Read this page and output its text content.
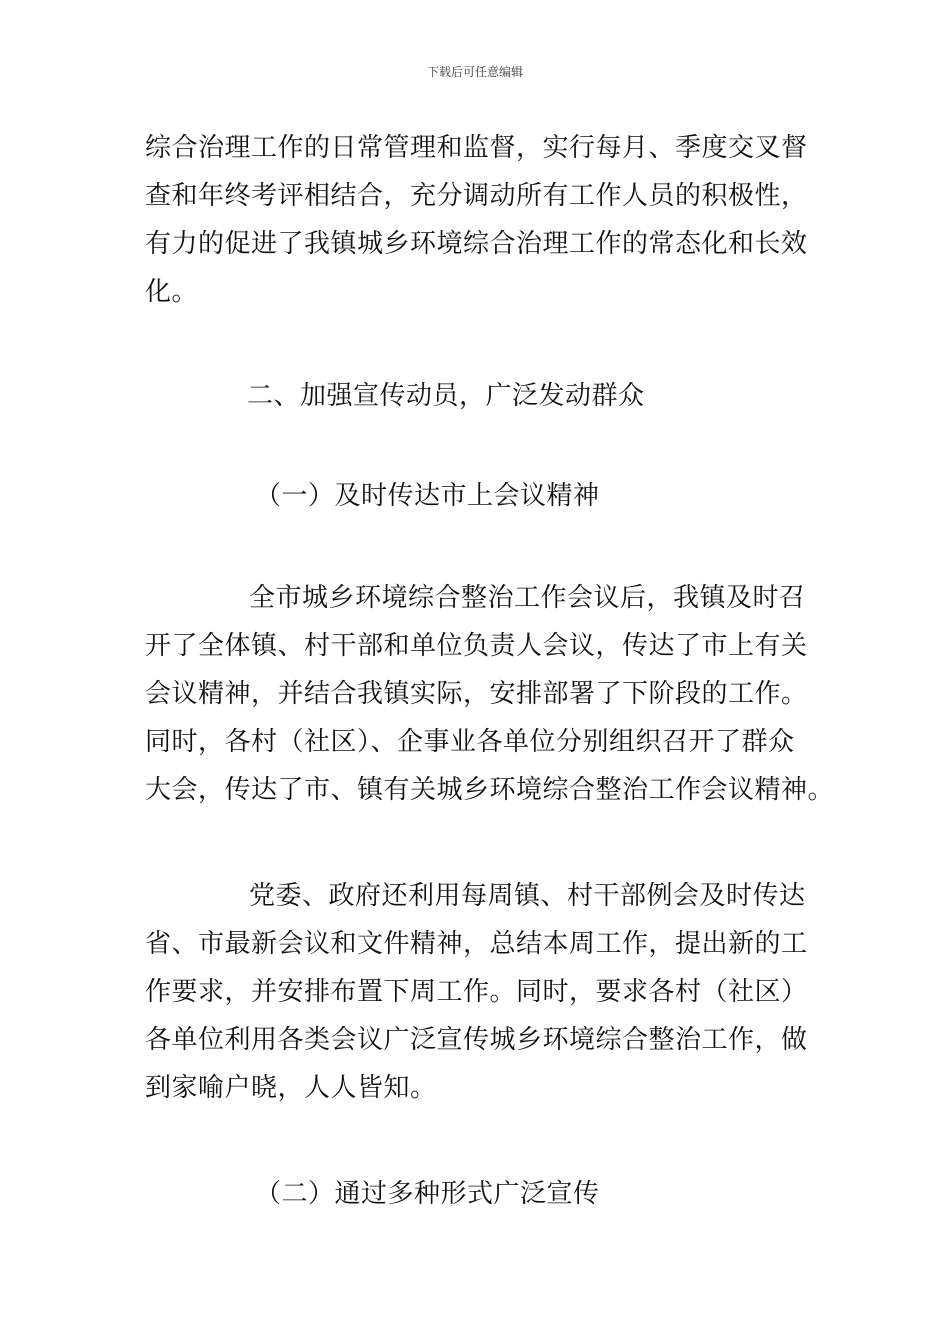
下载后可任意编辑
综合治理工作的日常管理和监督，实行每月、季度交叉督
查和年终考评相结合，充分调动所有工作人员的积极性，
有力的促进了我镇城乡环境综合治理工作的常态化和长效
化。
二、加强宣传动员，广泛发动群众
（一）及时传达市上会议精神
全市城乡环境综合整治工作会议后，我镇及时召
开了全体镇、村干部和单位负责人会议，传达了市上有关
会议精神，并结合我镇实际，安排部署了下阶段的工作。
同时，各村（社区）、企事业各单位分别组织召开了群众
大会，传达了市、镇有关城乡环境综合整治工作会议精神。
党委、政府还利用每周镇、村干部例会及时传达
省、市最新会议和文件精神，总结本周工作，提出新的工
作要求，并安排布置下周工作。同时，要求各村（社区）
各单位利用各类会议广泛宣传城乡环境综合整治工作，做
到家喻户晓，人人皆知。
（二）通过多种形式广泛宣传
